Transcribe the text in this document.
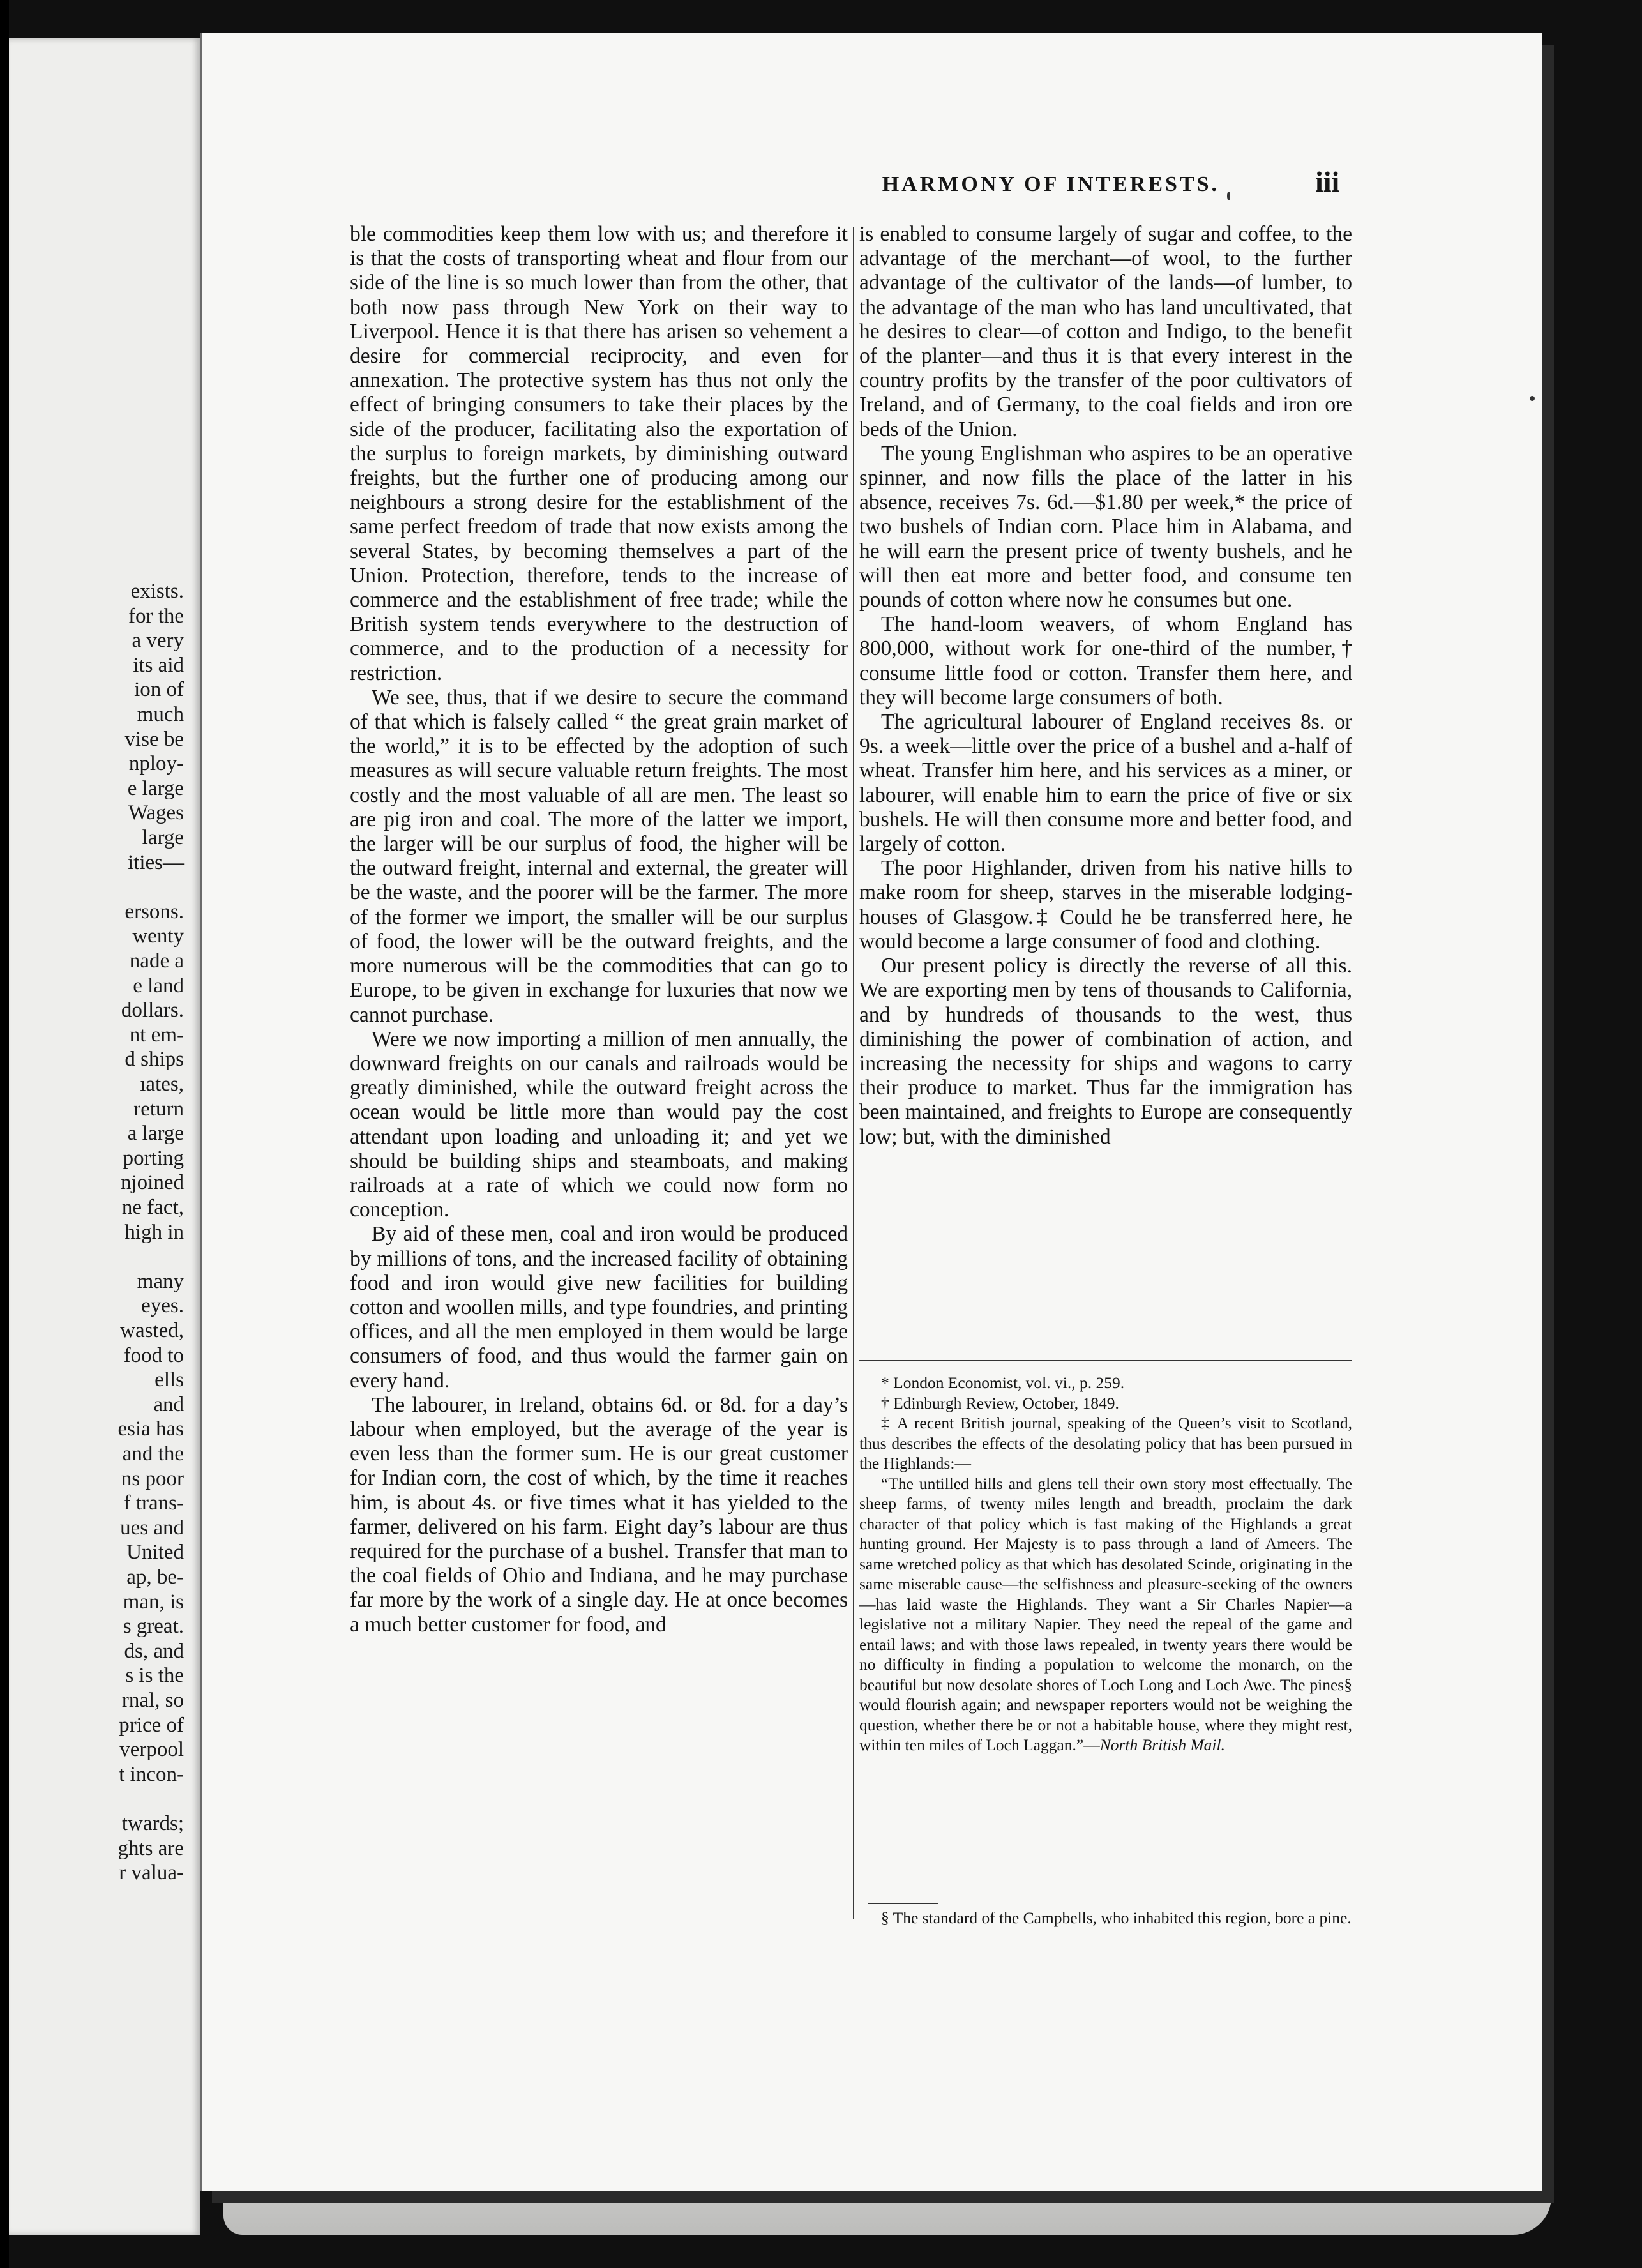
exists.
for the
a very
its aid
ion of
much
vise be
nploy-
e large
Wages
large
ities—
ersons.
wenty
nade a
e land
dollars.
nt em-
d ships
ıates,
return
a large
porting
njoined
ne fact,
high in
many
eyes.
wasted,
food to
ells
and
esia has
and the
ns poor
f trans-
ues and
United
ap, be-
man, is
s great.
ds, and
s is the
rnal, so
price of
verpool
t incon-
twards;
ghts are
r valua-
HARMONY OF INTERESTS.	iii

ble commodities keep them low with us; and therefore it is that the costs of transporting wheat and flour from our side of the line is so much lower than from the other, that both now pass through New York on their way to Liverpool. Hence it is that there has arisen so vehement a desire for commercial reciprocity, and even for annexation. The protective system has thus not only the effect of bringing consumers to take their places by the side of the producer, facilitating also the exportation of the surplus to foreign markets, by diminishing outward freights, but the further one of producing among our neighbours a strong desire for the establishment of the same perfect freedom of trade that now exists among the several States, by becoming themselves a part of the Union. Protection, therefore, tends to the increase of commerce and the establishment of free trade; while the British system tends everywhere to the destruction of commerce, and to the production of a necessity for restriction.

We see, thus, that if we desire to secure the command of that which is falsely called “ the great grain market of the world,” it is to be effected by the adoption of such measures as will secure valuable return freights. The most costly and the most valuable of all are men. The least so are pig iron and coal. The more of the latter we import, the larger will be our surplus of food, the higher will be the outward freight, internal and external, the greater will be the waste, and the poorer will be the farmer. The more of the former we import, the smaller will be our surplus of food, the lower will be the outward freights, and the more numerous will be the commodities that can go to Europe, to be given in exchange for luxuries that now we cannot purchase.

Were we now importing a million of men annually, the downward freights on our canals and railroads would be greatly diminished, while the outward freight across the ocean would be little more than would pay the cost attendant upon loading and unloading it; and yet we should be building ships and steamboats, and making railroads at a rate of which we could now form no conception.

By aid of these men, coal and iron would be produced by millions of tons, and the increased facility of obtaining food and iron would give new facilities for building cotton and woollen mills, and type foundries, and printing offices, and all the men employed in them would be large consumers of food, and thus would the farmer gain on every hand.

The labourer, in Ireland, obtains 6d. or 8d. for a day’s labour when employed, but the average of the year is even less than the former sum. He is our great customer for Indian corn, the cost of which, by the time it reaches him, is about 4s. or five times what it has yielded to the farmer, delivered on his farm. Eight day’s labour are thus required for the purchase of a bushel. Transfer that man to the coal fields of Ohio and Indiana, and he may purchase far more by the work of a single day. He at once becomes a much better customer for food, and

is enabled to consume largely of sugar and coffee, to the advantage of the merchant—of wool, to the further advantage of the cultivator of the lands—of lumber, to the advantage of the man who has land uncultivated, that he desires to clear—of cotton and Indigo, to the benefit of the planter—and thus it is that every interest in the country profits by the transfer of the poor cultivators of Ireland, and of Germany, to the coal fields and iron ore beds of the Union.

The young Englishman who aspires to be an operative spinner, and now fills the place of the latter in his absence, receives 7s. 6d.—$1.80 per week,* the price of two bushels of Indian corn. Place him in Alabama, and he will earn the present price of twenty bushels, and he will then eat more and better food, and consume ten pounds of cotton where now he consumes but one.

The hand-loom weavers, of whom England has 800,000, without work for one-third of the number,† consume little food or cotton. Transfer them here, and they will become large consumers of both.

The agricultural labourer of England receives 8s. or 9s. a week—little over the price of a bushel and a-half of wheat. Transfer him here, and his services as a miner, or labourer, will enable him to earn the price of five or six bushels. He will then consume more and better food, and largely of cotton.

The poor Highlander, driven from his native hills to make room for sheep, starves in the miserable lodging-houses of Glasgow.‡ Could he be transferred here, he would become a large consumer of food and clothing.

Our present policy is directly the reverse of all this. We are exporting men by tens of thousands to California, and by hundreds of thousands to the west, thus diminishing the power of combination of action, and increasing the necessity for ships and wagons to carry their produce to market. Thus far the immigration has been maintained, and freights to Europe are consequently low; but, with the diminished

* London Economist, vol. vi., p. 259.

† Edinburgh Review, October, 1849.

‡ A recent British journal, speaking of the Queen’s visit to Scotland, thus describes the effects of the desolating policy that has been pursued in the Highlands:—

“The untilled hills and glens tell their own story most effectually. The sheep farms, of twenty miles length and breadth, proclaim the dark character of that policy which is fast making of the Highlands a great hunting ground. Her Majesty is to pass through a land of Ameers. The same wretched policy as that which has desolated Scinde, originating in the same miserable cause—the selfishness and pleasure-seeking of the owners—has laid waste the Highlands. They want a Sir Charles Napier—a legislative not a military Napier. They need the repeal of the game and entail laws; and with those laws repealed, in twenty years there would be no difficulty in finding a population to welcome the monarch, on the beautiful but now desolate shores of Loch Long and Loch Awe. The pines§ would flourish again; and newspaper reporters would not be weighing the question, whether there be or not a habitable house, where they might rest, within ten miles of Loch Laggan.”—North British Mail.

§ The standard of the Campbells, who inhabited this region, bore a pine.
